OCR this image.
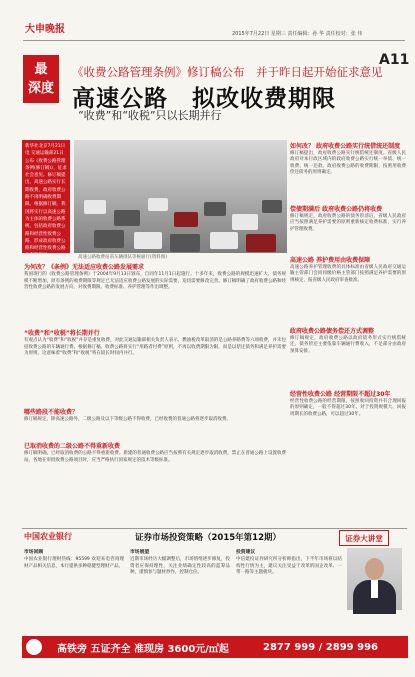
大申晚报	2015年7月22日 星期三 责任编辑：孙 华 责任校对：张 伟
最
深度
A11
《收费公路管理条例》修订稿公布　并于昨日起开始征求意见
高速公路　拟改收费期限
“收费”和“收税”只以长期并行
新华社北京7月21日电 交通运输部21日公布《收费公路管理条例(修订稿)》，征求社会意见。修订稿提出，高速公路实行长期收费，政府收费公路不再明确收费期限。根据修订稿，我国将实行以高速公路为主体的收费公路系统，包括政府收费公路和经营性收费公路，形成政府收费公路和经营性收费公路并存的格局。	高速公路收费站前车辆排队等候通行(资料图)
为何改？《条例》无法适应收费公路发展需求
我国现行的《收费公路管理条例》于2004年9月13日颁布，自同年11月1日起施行。十多年来，收费公路的规模迅速扩大，债务规模不断增加，原有条例的收费期限等规定已无法适应收费公路发展的实际需要，迫切需要修改完善。修订稿明确了政府收费公路和经营性收费公路的发展方向，对收费期限、收费标准、养护管理等作出调整。
“收费”和“收税”将长期并行
有观点认为“收费”和“收税”并存是重复收费，对此交通运输部相关负责人表示，燃油税改革取消的是公路养路费等六项收费，并未包括收费公路的车辆通行费。根据修订稿，收费公路将实行“用路者付费”原则，不再以收费期限为限，而是以偿还债务和满足养护需要为原则，这意味着“收费”和“收税”将在较长时间内并行。
哪些路段不能收费？
修订稿规定，除高速公路外，二级公路及以下等级公路不得收费，已经收费的普通公路将逐步取消收费。
已取消收费的二级公路不得重新收费
修订稿明确，已经取消收费的公路不得重新收费。新建的普通收费公路应当按照有关规定逐步取消收费，禁止在普通公路上设置收费站。各地在审批收费公路项目时，应当严格执行国家规定的技术等级标准。
如何改？ 政府收费公路实行统借统还制度
修订稿提出，政府收费公路实行统借统还制度。省级人民政府对本行政区域内的政府收费公路实行统一举债、统一收费、统一还款。政府收费公路的收费期限，按照用收费偿还债务的原则确定。
偿债期满后 政府收费公路仍将收费
修订稿规定，政府收费公路的债务偿清后，省级人民政府应当按照满足养护需要的原则重新核定收费标准，实行养护管理收费。
高速公路 养护费用由收费保障
高速公路养护管理收费的具体标准由省级人民政府交通运输主管部门会同同级价格主管部门按照满足养护需要的原则核定，报省级人民政府审查批准。
政府收费公路债务偿还方式调整
修订稿规定，政府收费公路以政府债务形式实行统借统还，债务偿还主要依靠车辆通行费收入，不足部分由政府预算安排。
经营性收费公路 经营期限不超过30年
经营性收费公路的经营期限，按照收回投资并有合理回报的原则确定，一般不得超过30年。对于投资规模大、回报周期长的收费公路，可以超过30年。
中国农业银行	证券市场投资策略（2015年第12期）	证券大讲堂
市场回顾
中国农业银行理财热线：95599 欢迎来电咨询理财产品相关信息，本行提供多种稳健型理财产品。
市场展望
近期市场经历大幅调整后，市场情绪逐步修复，投资者应保持理性，关注业绩确定性较高的蓝筹品种，谨慎参与题材炒作，控制仓位。
投资建议
中信建投证券研究所分析师指出，下半年市场将以结构性行情为主，建议关注受益于改革的国企改革、一带一路等主题板块。
高铁旁 五证齐全 准现房 3600元/㎡起	2877 999 / 2899 996
